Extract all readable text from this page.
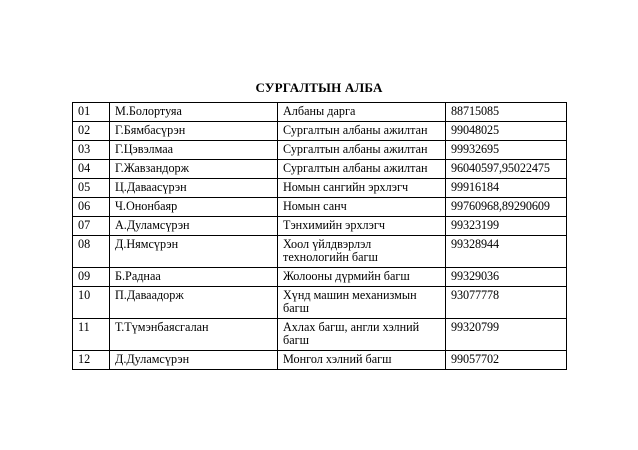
СУРГАЛТЫН АЛБА
01	М.Болортуяа	Албаны дарга	88715085
02	Г.Бямбасүрэн	Сургалтын албаны ажилтан	99048025
03	Г.Цэвэлмаа	Сургалтын албаны ажилтан	99932695
04	Г.Жавзандорж	Сургалтын албаны ажилтан	96040597,95022475
05	Ц.Даваасүрэн	Номын сангийн эрхлэгч	99916184
06	Ч.Ононбаяр	Номын санч	99760968,89290609
07	А.Дуламсүрэн	Тэнхимийн эрхлэгч	99323199
08	Д.Нямсүрэн	Хоол үйлдвэрлэл технологийн багш	99328944
09	Б.Раднаа	Жолооны дүрмийн багш	99329036
10	П.Даваадорж	Хүнд машин механизмын багш	93077778
11	Т.Түмэнбаясгалан	Ахлах багш, англи хэлний багш	99320799
12	Д.Дуламсүрэн	Монгол хэлний багш	99057702
